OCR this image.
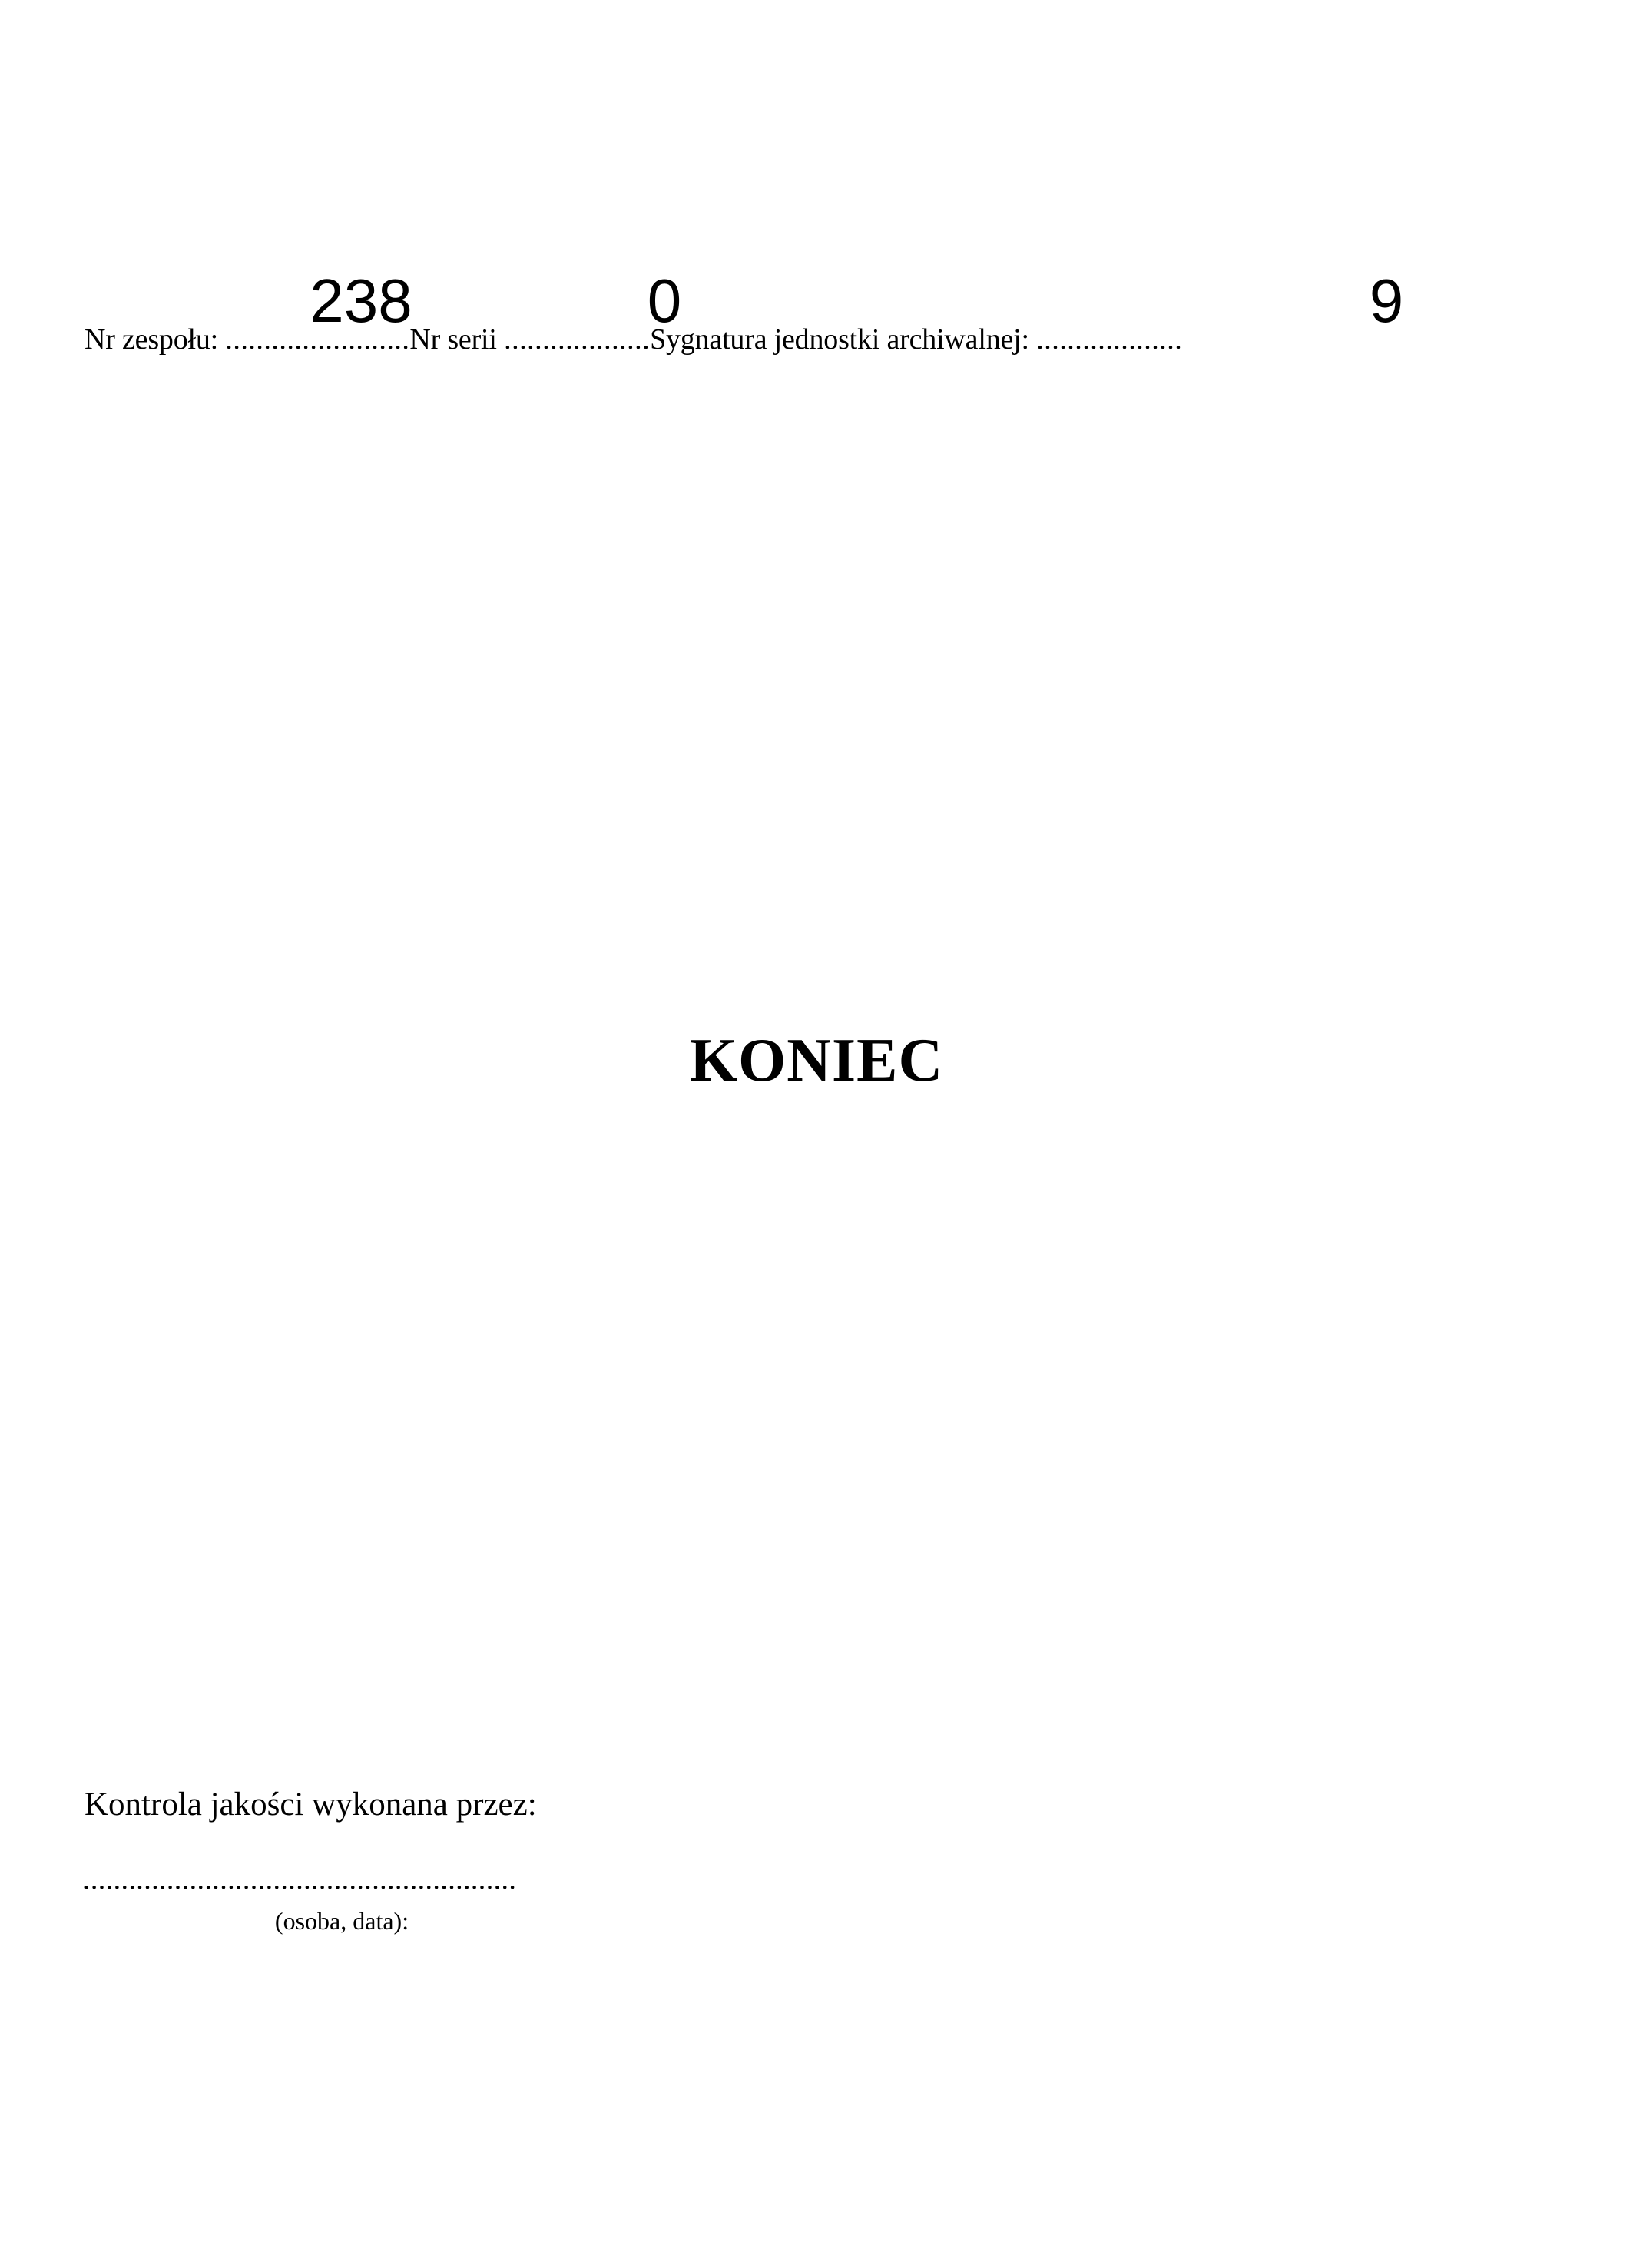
Nr zespołu: ........................Nr serii ...................Sygnatura jednostki archiwalnej: ...................
238	0	9
KONIEC
Kontrola jakości wykonana przez:
.........................................................
(osoba, data):
